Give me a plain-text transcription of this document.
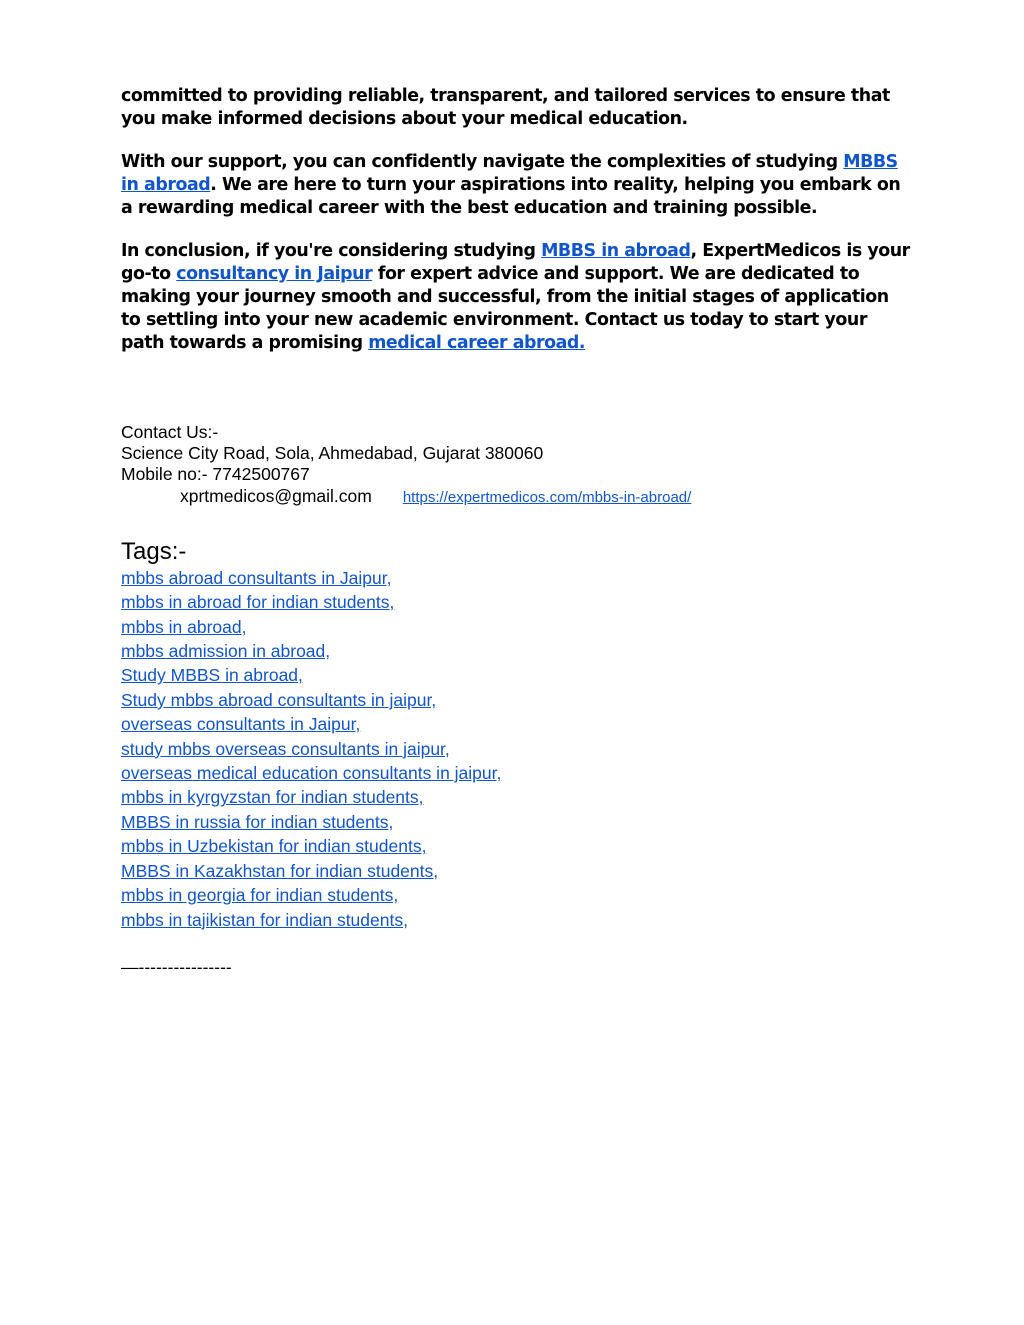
committed to providing reliable, transparent, and tailored services to ensure that you make informed decisions about your medical education.

With our support, you can confidently navigate the complexities of studying MBBS in abroad. We are here to turn your aspirations into reality, helping you embark on a rewarding medical career with the best education and training possible.

In conclusion, if you're considering studying MBBS in abroad, ExpertMedicos is your go-to consultancy in Jaipur for expert advice and support. We are dedicated to making your journey smooth and successful, from the initial stages of application to settling into your new academic environment. Contact us today to start your path towards a promising medical career abroad.

Contact Us:-
Science City Road, Sola, Ahmedabad, Gujarat 380060
Mobile no:- 7742500767
xprtmedicos@gmail.com https://expertmedicos.com/mbbs-in-abroad/
Tags:-
mbbs abroad consultants in Jaipur,
mbbs in abroad for indian students,
mbbs in abroad,
mbbs admission in abroad,
Study MBBS in abroad,
Study mbbs abroad consultants in jaipur,
overseas consultants in Jaipur,
study mbbs overseas consultants in jaipur,
overseas medical education consultants in jaipur,
mbbs in kyrgyzstan for indian students,
MBBS in russia for indian students,
mbbs in Uzbekistan for indian students,
MBBS in Kazakhstan for indian students,
mbbs in georgia for indian students,
mbbs in tajikistan for indian students,
—----------------
